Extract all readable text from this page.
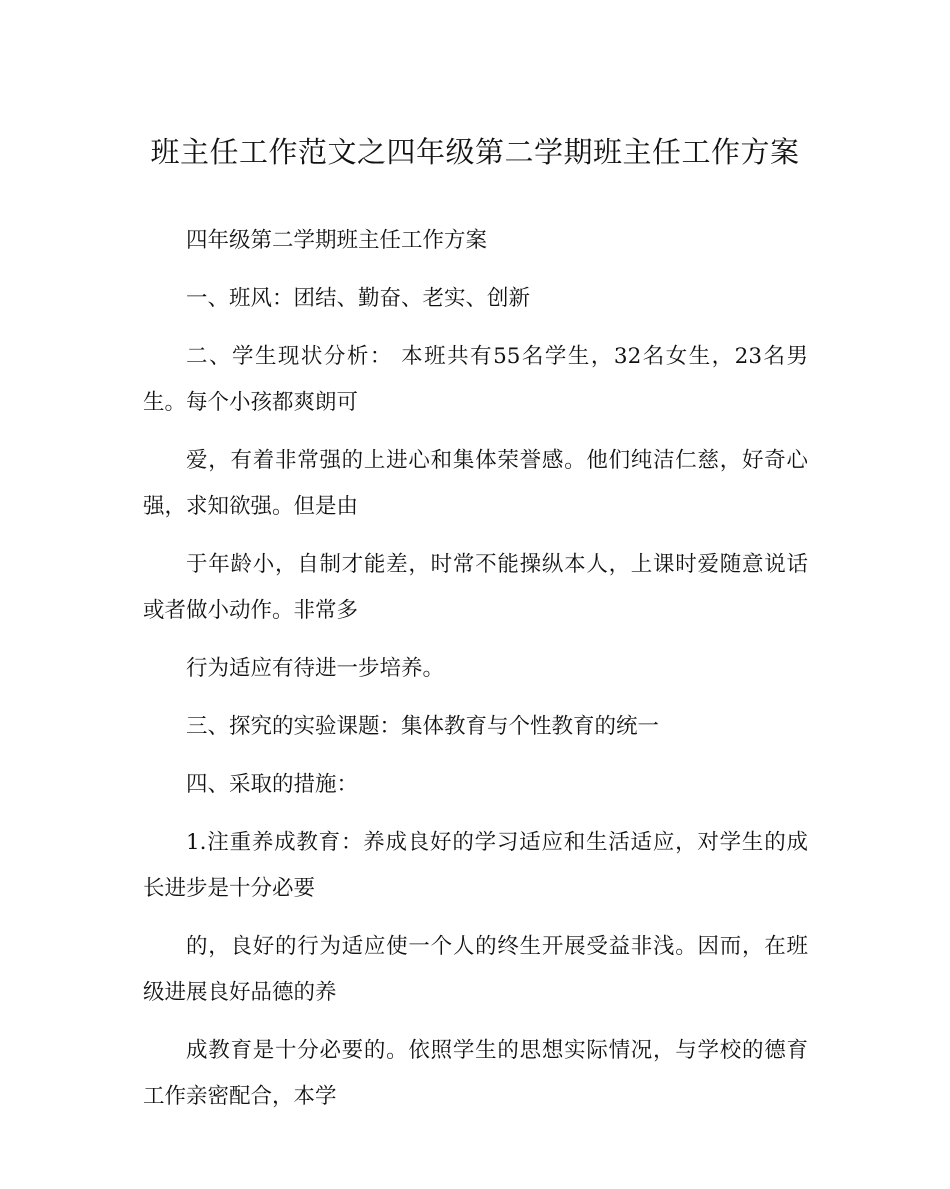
班主任工作范文之四年级第二学期班主任工作方案

四年级第二学期班主任工作方案

一、班风：团结、勤奋、老实、创新

二、学生现状分析： 本班共有55名学生，32名女生，23名男生。每个小孩都爽朗可

爱，有着非常强的上进心和集体荣誉感。他们纯洁仁慈，好奇心强，求知欲强。但是由

于年龄小，自制才能差，时常不能操纵本人，上课时爱随意说话或者做小动作。非常多

行为适应有待进一步培养。

三、探究的实验课题：集体教育与个性教育的统一

四、采取的措施：

1.注重养成教育：养成良好的学习适应和生活适应，对学生的成长进步是十分必要

的，良好的行为适应使一个人的终生开展受益非浅。因而，在班级进展良好品德的养

成教育是十分必要的。依照学生的思想实际情况，与学校的德育工作亲密配合，本学
